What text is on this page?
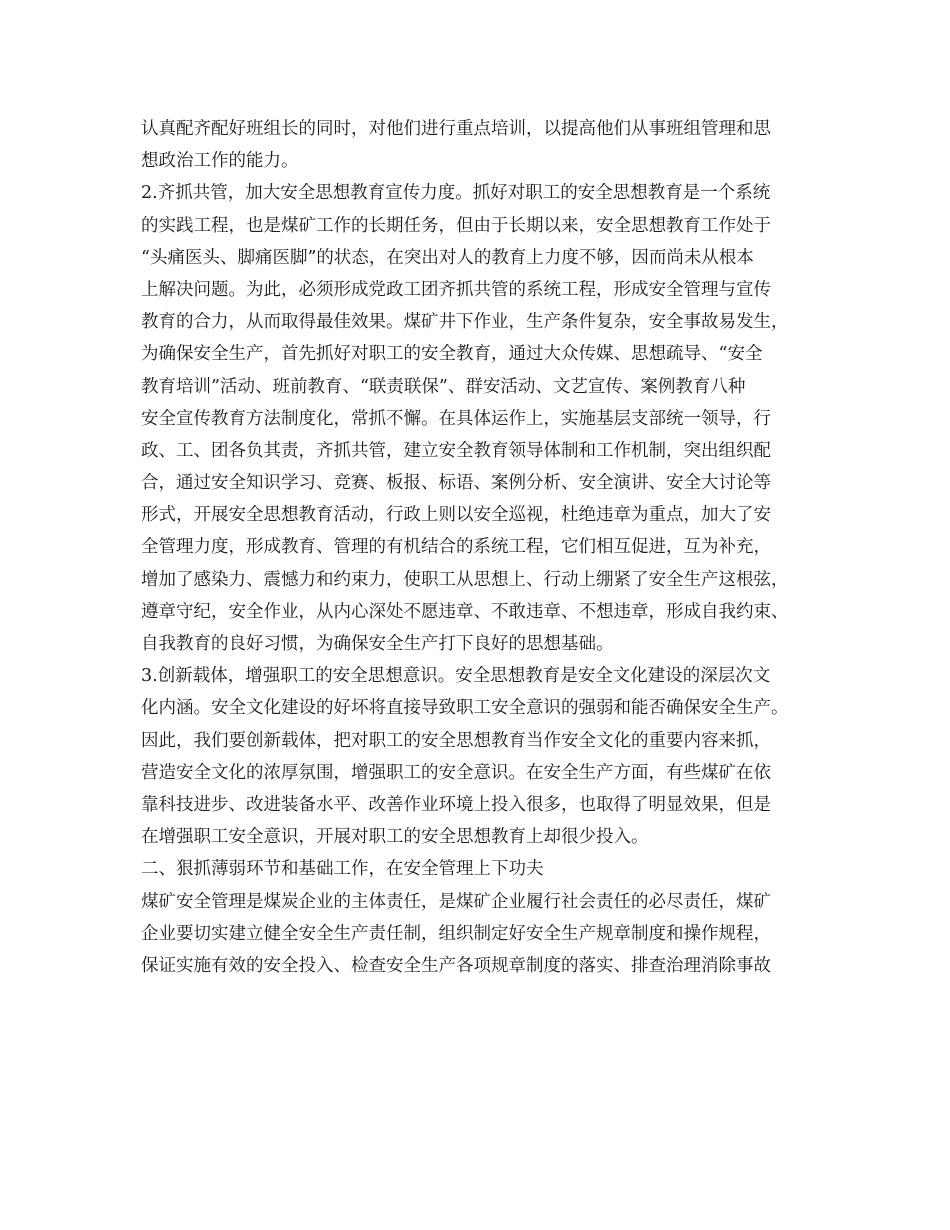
认真配齐配好班组长的同时，对他们进行重点培训，以提高他们从事班组管理和思
想政治工作的能力。
2.齐抓共管，加大安全思想教育宣传力度。抓好对职工的安全思想教育是一个系统
的实践工程，也是煤矿工作的长期任务，但由于长期以来，安全思想教育工作处于
“头痛医头、脚痛医脚”的状态，在突出对人的教育上力度不够，因而尚未从根本
上解决问题。为此，必须形成党政工团齐抓共管的系统工程，形成安全管理与宣传
教育的合力，从而取得最佳效果。煤矿井下作业，生产条件复杂，安全事故易发生，
为确保安全生产，首先抓好对职工的安全教育，通过大众传媒、思想疏导、“安全
教育培训”活动、班前教育、“联责联保”、群安活动、文艺宣传、案例教育八种
安全宣传教育方法制度化，常抓不懈。在具体运作上，实施基层支部统一领导，行
政、工、团各负其责，齐抓共管，建立安全教育领导体制和工作机制，突出组织配
合，通过安全知识学习、竞赛、板报、标语、案例分析、安全演讲、安全大讨论等
形式，开展安全思想教育活动，行政上则以安全巡视，杜绝违章为重点，加大了安
全管理力度，形成教育、管理的有机结合的系统工程，它们相互促进，互为补充，
增加了感染力、震憾力和约束力，使职工从思想上、行动上绷紧了安全生产这根弦，
遵章守纪，安全作业，从内心深处不愿违章、不敢违章、不想违章，形成自我约束、
自我教育的良好习惯，为确保安全生产打下良好的思想基础。
3.创新载体，增强职工的安全思想意识。安全思想教育是安全文化建设的深层次文
化内涵。安全文化建设的好坏将直接导致职工安全意识的强弱和能否确保安全生产。
因此，我们要创新载体，把对职工的安全思想教育当作安全文化的重要内容来抓，
营造安全文化的浓厚氛围，增强职工的安全意识。在安全生产方面，有些煤矿在依
靠科技进步、改进装备水平、改善作业环境上投入很多，也取得了明显效果，但是
在增强职工安全意识，开展对职工的安全思想教育上却很少投入。
二、狠抓薄弱环节和基础工作，在安全管理上下功夫
煤矿安全管理是煤炭企业的主体责任，是煤矿企业履行社会责任的必尽责任，煤矿
企业要切实建立健全安全生产责任制，组织制定好安全生产规章制度和操作规程，
保证实施有效的安全投入、检查安全生产各项规章制度的落实、排查治理消除事故
